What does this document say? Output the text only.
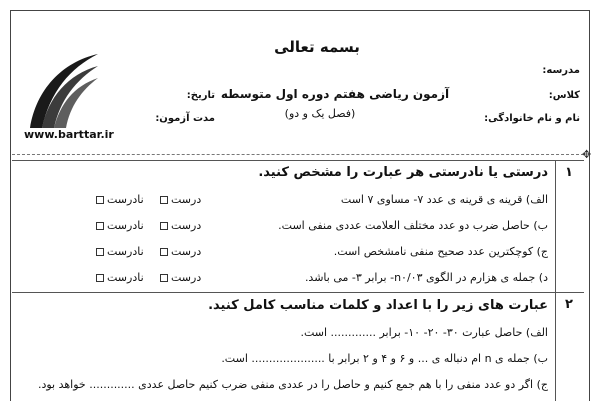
www.barttar.ir
بسمه تعالی
آزمون ریاضی هفتم دوره اول متوسطه
(فصل یک و دو)
مدرسه:
کلاس:
نام و نام خانوادگی:
تاریخ:
مدت آزمون:
✥
۱
درستی یا نادرستی هر عبارت را مشخص کنید.
الف) قرینه ی قرینه ی عدد ۷- مساوی ۷ است
ب) حاصل ضرب دو عدد مختلف العلامت عددی منفی است.
ج) کوچکترین عدد صحیح منفی نامشخص است.
د) جمله ی هزارم در الگوی n۰/۰۳- برابر ۳- می باشد.
درست
نادرست
درست
نادرست
درست
نادرست
درست
نادرست
۲
عبارت های زیر را با اعداد و کلمات مناسب کامل کنید.
الف) حاصل عبارت ۳۰- ۲۰- ۱۰- برابر ............. است.
ب) جمله ی n ام دنباله ی ... و ۶ و ۴ و ۲ برابر با ..................... است.
ج) اگر دو عدد منفی را با هم جمع کنیم و حاصل را در عددی منفی ضرب کنیم حاصل عددی ............. خواهد بود.
